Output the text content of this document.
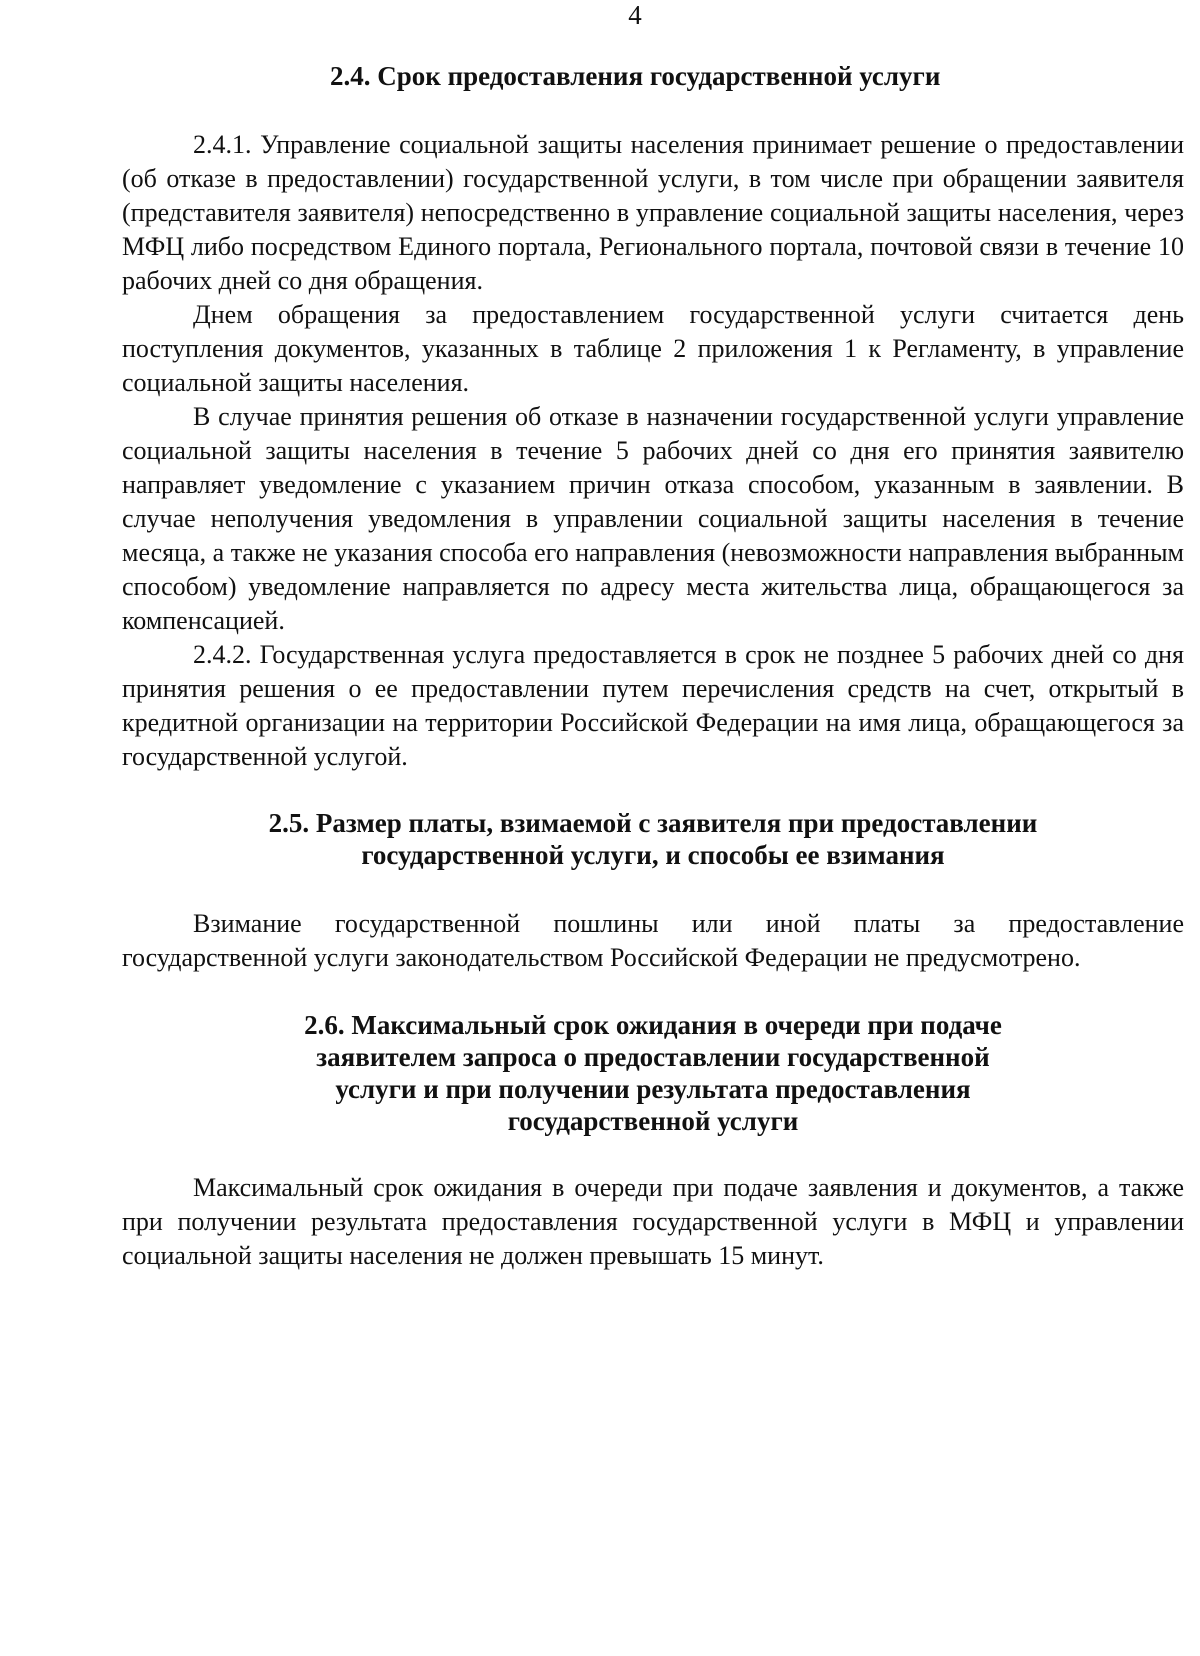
4
2.4. Срок предоставления государственной услуги

2.4.1. Управление социальной защиты населения принимает решение о предоставлении (об отказе в предоставлении) государственной услуги, в том числе при обращении заявителя (представителя заявителя) непосредственно в управление социальной защиты населения, через МФЦ либо посредством Единого портала, Регионального портала, почтовой связи в течение 10 рабочих дней со дня обращения.

Днем обращения за предоставлением государственной услуги считается день поступления документов, указанных в таблице 2 приложения 1 к Регламенту, в управление социальной защиты населения.

В случае принятия решения об отказе в назначении государственной услуги управление социальной защиты населения в течение 5 рабочих дней со дня его принятия заявителю направляет уведомление с указанием причин отказа способом, указанным в заявлении. В случае неполучения уведомления в управлении социальной защиты населения в течение месяца, а также не указания способа его направления (невозможности направления выбранным способом) уведомление направляется по адресу места жительства лица, обращающегося за компенсацией.

2.4.2. Государственная услуга предоставляется в срок не позднее 5 рабочих дней со дня принятия решения о ее предоставлении путем перечисления средств на счет, открытый в кредитной организации на территории Российской Федерации на имя лица, обращающегося за государственной услугой.

2.5. Размер платы, взимаемой с заявителя при предоставлении
государственной услуги, и способы ее взимания

Взимание государственной пошлины или иной платы за предоставление государственной услуги законодательством Российской Федерации не предусмотрено.

2.6. Максимальный срок ожидания в очереди при подаче
заявителем запроса о предоставлении государственной
услуги и при получении результата предоставления
государственной услуги

Максимальный срок ожидания в очереди при подаче заявления и документов, а также при получении результата предоставления государственной услуги в МФЦ и управлении социальной защиты населения не должен превышать 15 минут.
